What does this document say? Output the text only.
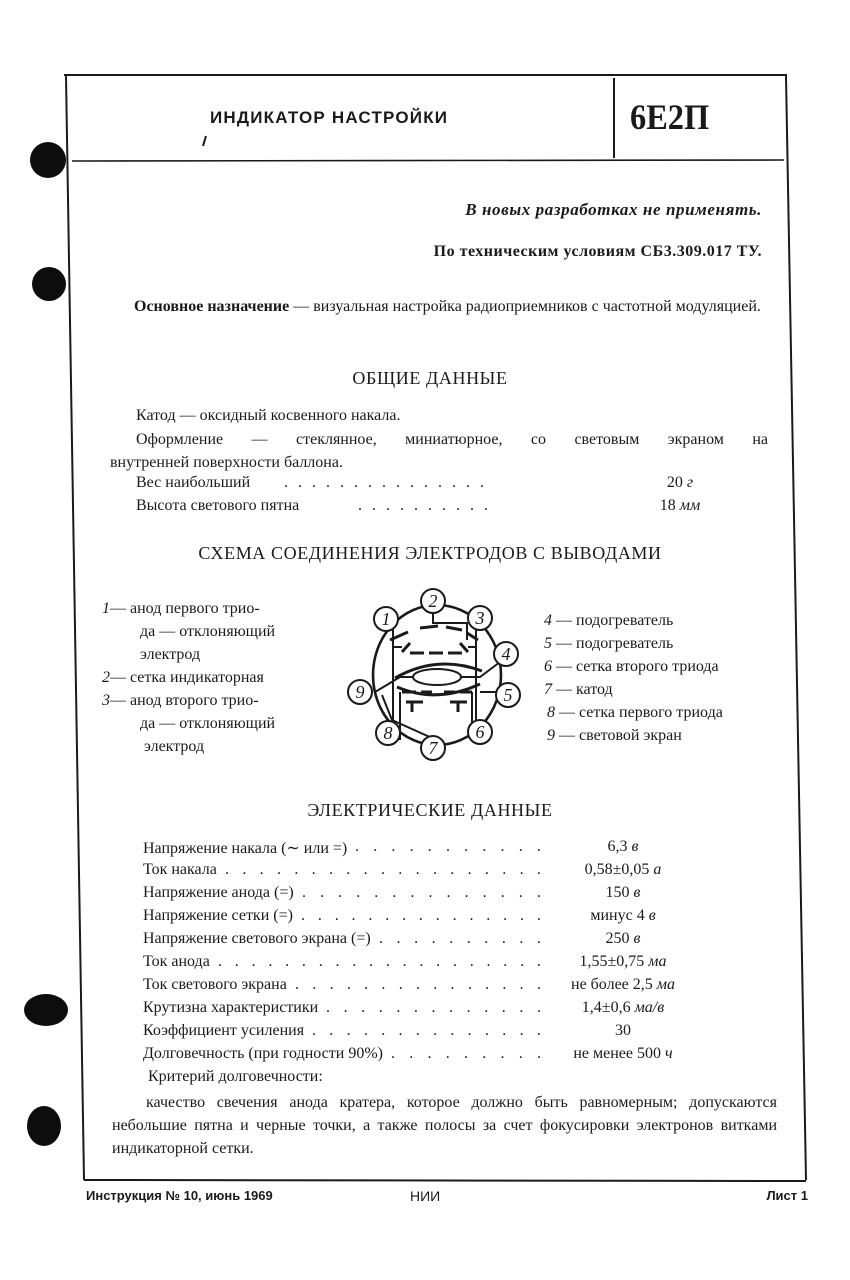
ИНДИКАТОР НАСТРОЙКИ	6Е2П
В новых разработках не применять.
По техническим условиям СБ3.309.017 ТУ.
Основное назначение — визуальная настройка радиоприемников с частотной модуляцией.
ОБЩИЕ ДАННЫЕ
Катод — оксидный косвенного накала.
Оформление — стеклянное, миниатюрное, со световым экраном на
внутренней поверхности баллона.
Вес наибольший . . . . . . . . . . . . . . .	20 г
Высота светового пятна	. . . . . . . . . .	18 мм
СХЕМА СОЕДИНЕНИЯ ЭЛЕКТРОДОВ С ВЫВОДАМИ
1— анод первого трио-
да — отклоняющий
электрод
2— сетка индикаторная
3— анод второго трио-
да — отклоняющий
электрод
4 — подогреватель
5 — подогреватель
6 — сетка второго триода
7 — катод
8 — сетка первого триода
9 — световой экран
1
2
3
4
5
6
7
8
9
ЭЛЕКТРИЧЕСКИЕ ДАННЫЕ
Напряжение накала (∼ или =) . . . . . . . . . . .	6,3 в
Ток накала . . . . . . . . . . . . . . . . . . .	0,58±0,05 а
Напряжение анода (=) . . . . . . . . . . . . . .	150 в
Напряжение сетки (=) . . . . . . . . . . . . . . .	минус 4 в
Напряжение светового экрана (=) . . . . . . . . . .	250 в
Ток анода . . . . . . . . . . . . . . . . . . . .	1,55±0,75 ма
Ток светового экрана . . . . . . . . . . . . . . .	не более 2,5 ма
Крутизна характеристики . . . . . . . . . . . . .	1,4±0,6 ма/в
Коэффициент усиления . . . . . . . . . . . . . .	30
Долговечность (при годности 90%) . . . . . . . . .	не менее 500 ч
Критерий долговечности:
качество свечения анода кратера, которое должно быть равномерным; допускаются небольшие пятна и черные точки, а также полосы за счет фокусировки электронов витками индикаторной сетки.
Инструкция № 10, июнь 1969	НИИ	Лист 1
